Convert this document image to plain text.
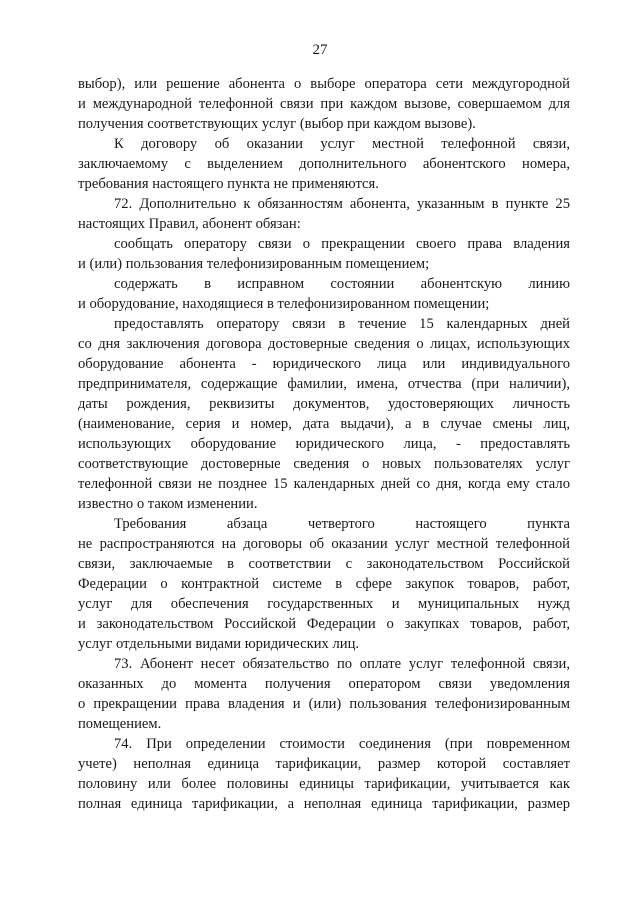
27
выбор), или решение абонента о выборе оператора сети междугородной
и международной телефонной связи при каждом вызове, совершаемом для
получения соответствующих услуг (выбор при каждом вызове).
К договору об оказании услуг местной телефонной связи,
заключаемому с выделением дополнительного абонентского номера,
требования настоящего пункта не применяются.
72. Дополнительно к обязанностям абонента, указанным в пункте 25
настоящих Правил, абонент обязан:
сообщать оператору связи о прекращении своего права владения
и (или) пользования телефонизированным помещением;
содержать в исправном состоянии абонентскую линию
и оборудование, находящиеся в телефонизированном помещении;
предоставлять оператору связи в течение 15 календарных дней
со дня заключения договора достоверные сведения о лицах, использующих
оборудование абонента - юридического лица или индивидуального
предпринимателя, содержащие фамилии, имена, отчества (при наличии),
даты рождения, реквизиты документов, удостоверяющих личность
(наименование, серия и номер, дата выдачи), а в случае смены лиц,
использующих оборудование юридического лица, - предоставлять
соответствующие достоверные сведения о новых пользователях услуг
телефонной связи не позднее 15 календарных дней со дня, когда ему стало
известно о таком изменении.
Требования абзаца четвертого настоящего пункта
не распространяются на договоры об оказании услуг местной телефонной
связи, заключаемые в соответствии с законодательством Российской
Федерации о контрактной системе в сфере закупок товаров, работ,
услуг для обеспечения государственных и муниципальных нужд
и законодательством Российской Федерации о закупках товаров, работ,
услуг отдельными видами юридических лиц.
73. Абонент несет обязательство по оплате услуг телефонной связи,
оказанных до момента получения оператором связи уведомления
о прекращении права владения и (или) пользования телефонизированным
помещением.
74. При определении стоимости соединения (при повременном
учете) неполная единица тарификации, размер которой составляет
половину или более половины единицы тарификации, учитывается как
полная единица тарификации, а неполная единица тарификации, размер
